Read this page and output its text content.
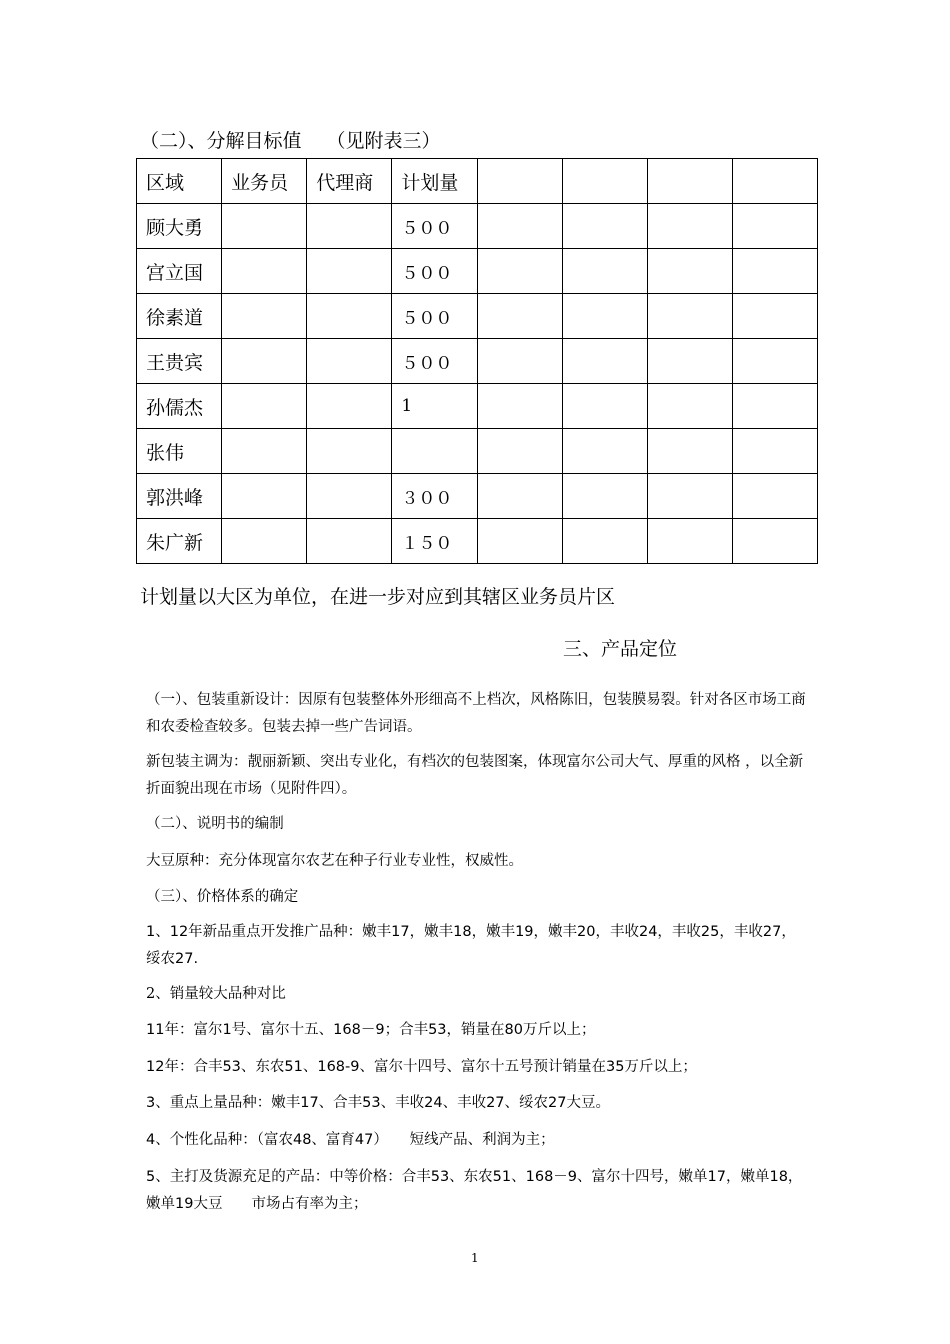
（二）、分解目标值　 （见附表三）
区域	业务员	代理商	计划量				
顾大勇			５００				
宫立国			５００				
徐素道			５００				
王贵宾			５００				
孙儒杰			1				
张伟							
郭洪峰			３００				
朱广新			１５０				
计划量以大区为单位，在进一步对应到其辖区业务员片区
三、产品定位
（一）、包装重新设计：因原有包装整体外形细高不上档次，风格陈旧，包装膜易裂。针对各区市场工商和农委检查较多。包装去掉一些广告词语。
新包装主调为：靓丽新颖、突出专业化，有档次的包装图案，体现富尔公司大气、厚重的风格 ，以全新折面貌出现在市场（见附件四）。
（二）、说明书的编制
大豆原种：充分体现富尔农艺在种子行业专业性，权威性。
（三）、价格体系的确定
1、12年新品重点开发推广品种：嫩丰17，嫩丰18，嫩丰19，嫩丰20，丰收24，丰收25，丰收27，绥农27.
2、销量较大品种对比
11年：富尔1号、富尔十五、168－9；合丰53，销量在80万斤以上；
12年：合丰53、东农51、168-9、富尔十四号、富尔十五号预计销量在35万斤以上；
3、重点上量品种：嫩丰17、合丰53、丰收24、丰收27、绥农27大豆。
4、个性化品种：（富农48、富育47）　　短线产品、利润为主；
5、主打及货源充足的产品：中等价格：合丰53、东农51、168－9、富尔十四号，嫩单17，嫩单18，嫩单19大豆　　市场占有率为主；
1
